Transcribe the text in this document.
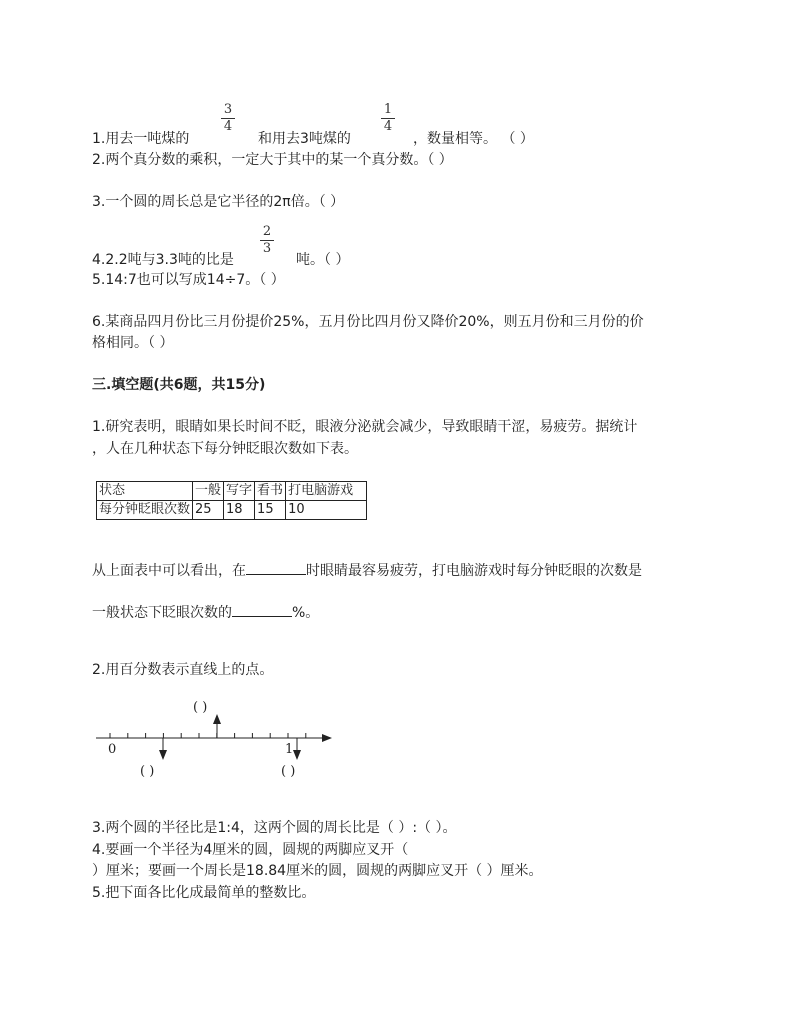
1.用去一吨煤的
3
4
和用去3吨煤的
1
4
，数量相等。 （ ）
2.两个真分数的乘积，一定大于其中的某一个真分数。（ ）
3.一个圆的周长总是它半径的2π倍。（ ）
4.2.2吨与3.3吨的比是
2
3
吨。（ ）
5.14:7也可以写成14÷7。（ ）
6.某商品四月份比三月份提价25%，五月份比四月份又降价20%，则五月份和三月份的价
格相同。（ ）
三.填空题(共6题，共15分)
1.研究表明，眼睛如果长时间不眨，眼液分泌就会减少，导致眼睛干涩，易疲劳。据统计
，人在几种状态下每分钟眨眼次数如下表。
状态	一般	写字	看书	打电脑游戏
每分钟眨眼次数	25	18	15	10
从上面表中可以看出，在	时眼睛最容易疲劳，打电脑游戏时每分钟眨眼的次数是
一般状态下眨眼次数的	%。
2.用百分数表示直线上的点。
0	1
( )
( )	( )
3.两个圆的半径比是1:4，这两个圆的周长比是（ ）:（ ）。
4.要画一个半径为4厘米的圆，圆规的两脚应叉开（
）厘米；要画一个周长是18.84厘米的圆，圆规的两脚应叉开（ ）厘米。
5.把下面各比化成最简单的整数比。
